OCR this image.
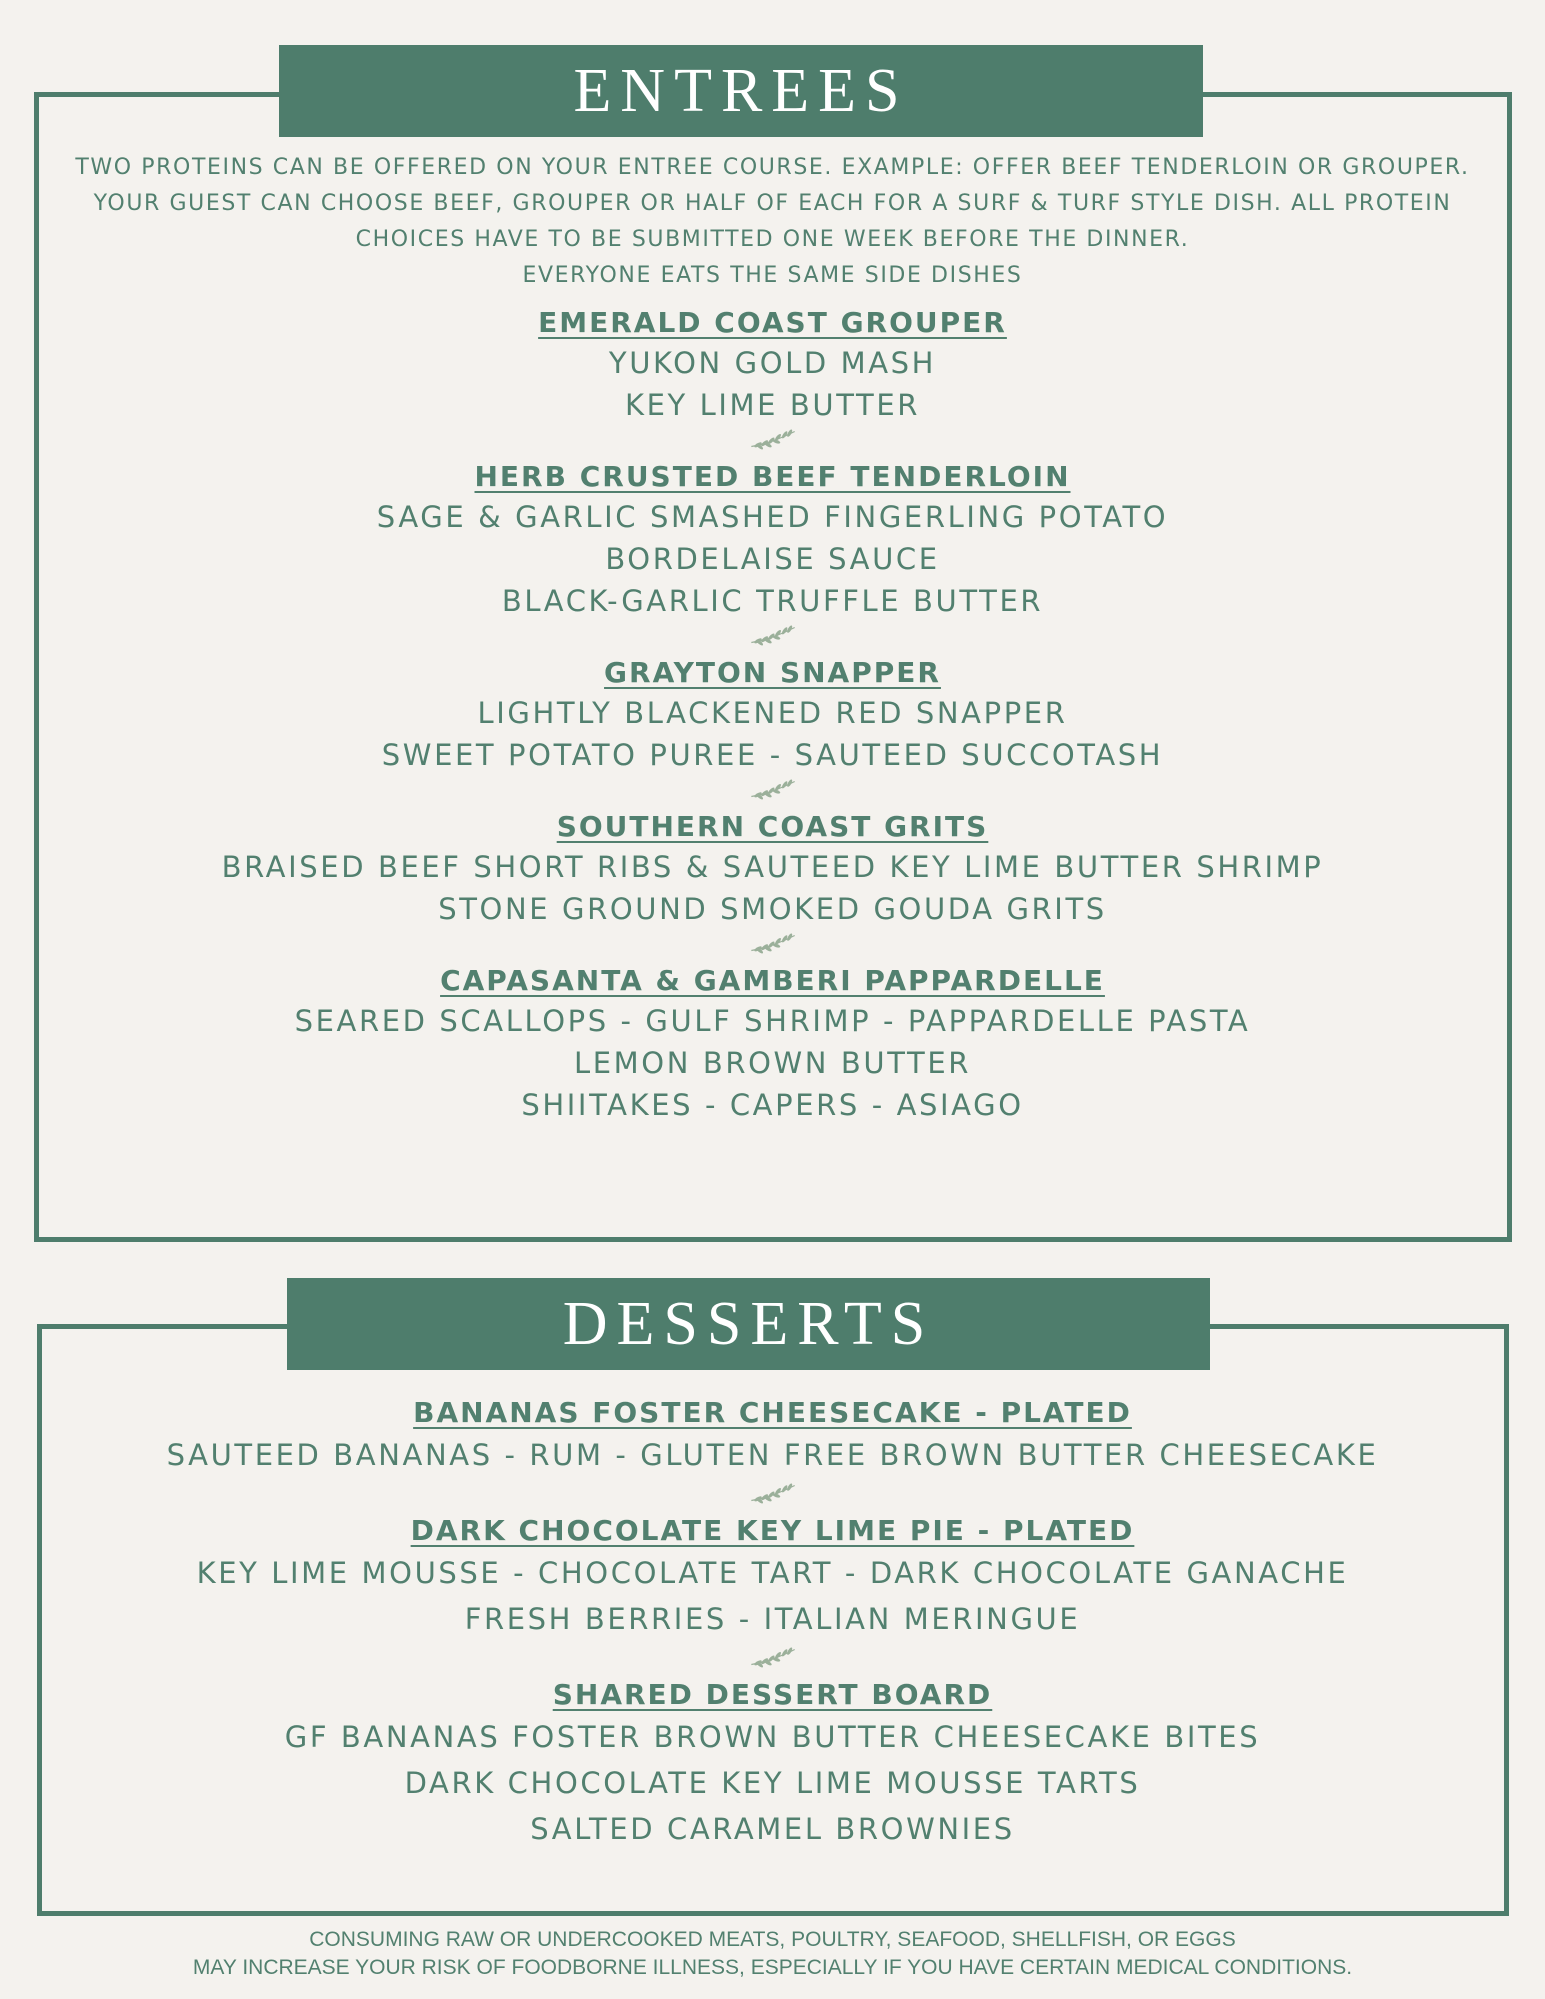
ENTREES
TWO PROTEINS CAN BE OFFERED ON YOUR ENTREE COURSE. EXAMPLE: OFFER BEEF TENDERLOIN OR GROUPER. YOUR GUEST CAN CHOOSE BEEF, GROUPER OR HALF OF EACH FOR A SURF & TURF STYLE DISH. ALL PROTEIN CHOICES HAVE TO BE SUBMITTED ONE WEEK BEFORE THE DINNER.
EVERYONE EATS THE SAME SIDE DISHES
EMERALD COAST GROUPER
YUKON GOLD MASH
KEY LIME BUTTER
HERB CRUSTED BEEF TENDERLOIN
SAGE & GARLIC SMASHED FINGERLING POTATO
BORDELAISE SAUCE
BLACK-GARLIC TRUFFLE BUTTER
GRAYTON SNAPPER
LIGHTLY BLACKENED RED SNAPPER
SWEET POTATO PUREE - SAUTEED SUCCOTASH
SOUTHERN COAST GRITS
BRAISED BEEF SHORT RIBS & SAUTEED KEY LIME BUTTER SHRIMP
STONE GROUND SMOKED GOUDA GRITS
CAPASANTA & GAMBERI PAPPARDELLE
SEARED SCALLOPS - GULF SHRIMP - PAPPARDELLE PASTA
LEMON BROWN BUTTER
SHIITAKES - CAPERS - ASIAGO
DESSERTS
BANANAS FOSTER CHEESECAKE - PLATED
SAUTEED BANANAS - RUM - GLUTEN FREE BROWN BUTTER CHEESECAKE
DARK CHOCOLATE KEY LIME PIE - PLATED
KEY LIME MOUSSE - CHOCOLATE TART - DARK CHOCOLATE GANACHE
FRESH BERRIES - ITALIAN MERINGUE
SHARED DESSERT BOARD
GF BANANAS FOSTER BROWN BUTTER CHEESECAKE BITES
DARK CHOCOLATE KEY LIME MOUSSE TARTS
SALTED CARAMEL BROWNIES
CONSUMING RAW OR UNDERCOOKED MEATS, POULTRY, SEAFOOD, SHELLFISH, OR EGGS
MAY INCREASE YOUR RISK OF FOODBORNE ILLNESS, ESPECIALLY IF YOU HAVE CERTAIN MEDICAL CONDITIONS.
